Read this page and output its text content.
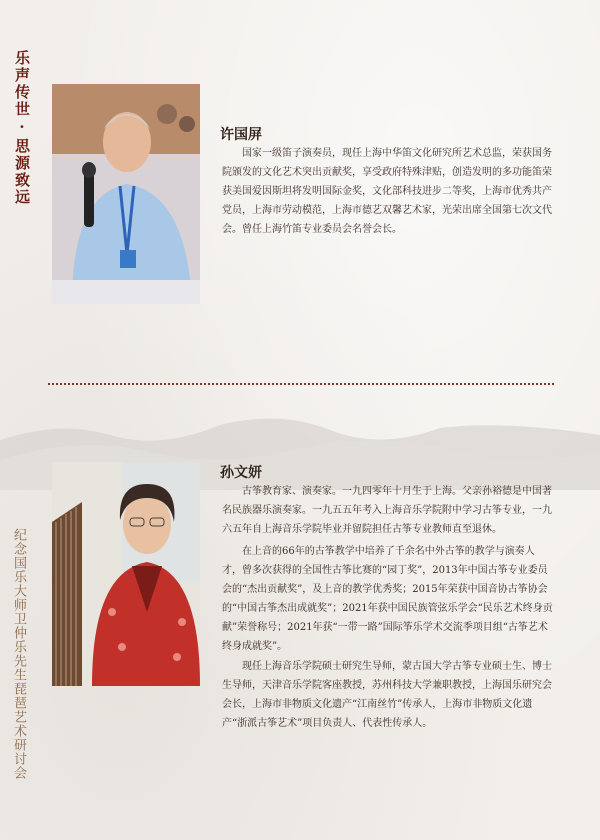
乐声传世·思源致远
纪念国乐大师卫仲乐先生琵琶艺术研讨会
许国屏

国家一级笛子演奏员，现任上海中华笛文化研究所艺术总监，荣获国务院颁发的文化艺术突出贡献奖，享受政府特殊津贴，创造发明的多功能笛荣获美国爱因斯坦将发明国际金奖，文化部科技进步二等奖，上海市优秀共产党员，上海市劳动模范，上海市德艺双馨艺术家，光荣出席全国第七次文代会。曾任上海竹笛专业委员会名誉会长。

孙文妍

古筝教育家、演奏家。一九四零年十月生于上海。父亲孙裕德是中国著名民族器乐演奏家。一九五五年考入上海音乐学院附中学习古筝专业，一九六五年自上海音乐学院毕业并留院担任古筝专业教师直至退休。

在上音的66年的古筝教学中培养了千余名中外古筝的教学与演奏人才，曾多次获得的全国性古筝比赛的“园丁奖”，2013年中国古筝专业委员会的“杰出贡献奖”，及上音的教学优秀奖；2015年荣获中国音协古筝协会的“中国古筝杰出成就奖”；2021年获中国民族管弦乐学会“民乐艺术终身贡献”荣誉称号；2021年获“一带一路”国际筝乐学术交流季项目组“古筝艺术终身成就奖”。

现任上海音乐学院硕士研究生导师，蒙古国大学古筝专业硕士生、博士生导师，天津音乐学院客座教授，苏州科技大学兼职教授，上海国乐研究会会长，上海市非物质文化遗产“江南丝竹”传承人，上海市非物质文化遗产“浙派古筝艺术”项目负责人、代表性传承人。
